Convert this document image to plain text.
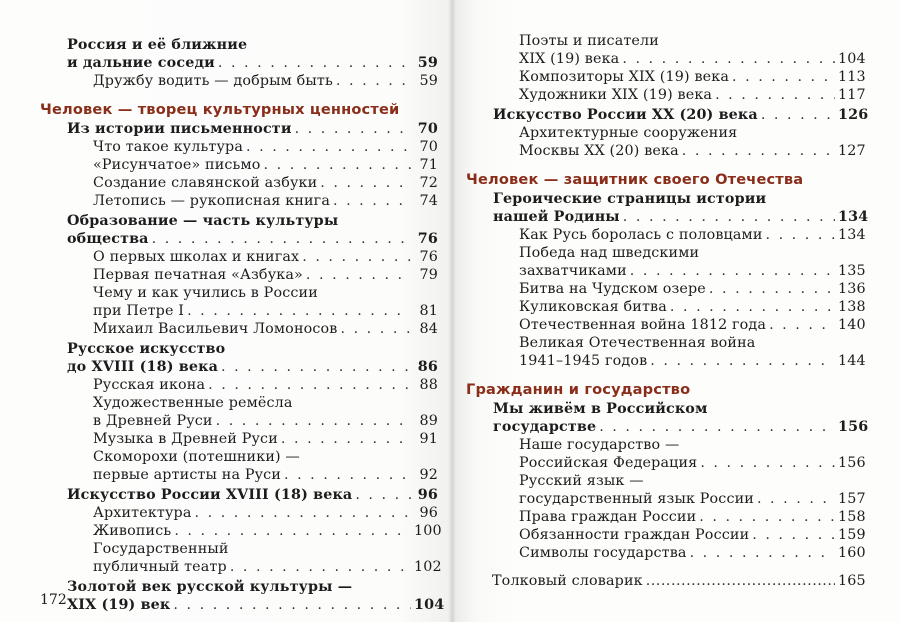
Россия и её ближние
и дальние соседи . . .	59
Дружбу водить — добрым быть . . .	59
Человек — творец культурных ценностей
Из истории письменности . . .	70
Что такое культура . . .	70
«Рисунчатое» письмо . . .	71
Создание славянской азбуки . . .	72
Летопись — рукописная книга . . .	74
Образование — часть культуры
общества . . .	76
О первых школах и книгах . . .	76
Первая печатная «Азбука» . . .	79
Чему и как учились в России
при Петре I . . .	81
Михаил Васильевич Ломоносов . . .	84
Русское искусство
до XVIII (18) века . . .	86
Русская икона . . .	88
Художественные ремёсла
в Древней Руси . . .	89
Музыка в Древней Руси . . .	91
Скоморохи (потешники) —
первые артисты на Руси . . .	92
Искусство России XVIII (18) века . . .	96
Архитектура . . .	96
Живопись . . .	100
Государственный
публичный театр . . .	102
Золотой век русской культуры —
XIX (19) век . . .	104
172
Поэты и писатели
XIX (19) века . . .	104
Композиторы XIX (19) века . . .	113
Художники XIX (19) века . . .	117
Искусство России XX (20) века . . .	126
Архитектурные сооружения
Москвы XX (20) века . . .	127
Человек — защитник своего Отечества
Героические страницы истории
нашей Родины . . .	134
Как Русь боролась с половцами . . .	134
Победа над шведскими
захватчиками . . .	135
Битва на Чудском озере . . .	136
Куликовская битва . . .	138
Отечественная война 1812 года . . .	140
Великая Отечественная война
1941–1945 годов . . .	144
Гражданин и государство
Мы живём в Российском
государстве . . .	156
Наше государство —
Российская Федерация . . .	156
Русский язык —
государственный язык России . . .	157
Права граждан России . . .	158
Обязанности граждан России . . .	159
Символы государства . . .	160
Толковый словарик .....	165
